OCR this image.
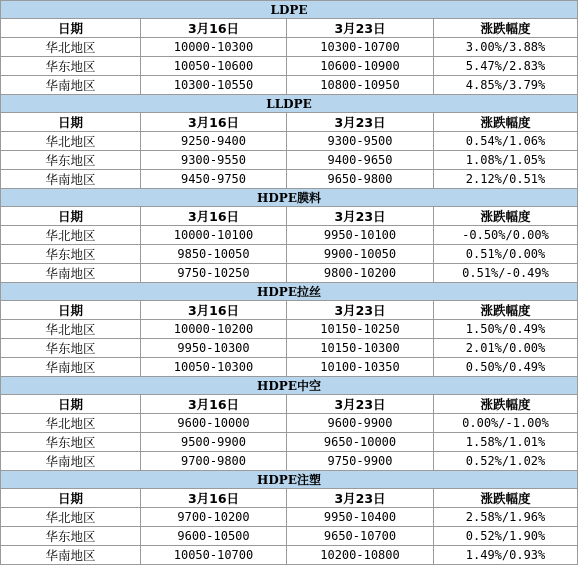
LDPE			
日期	3月16日	3月23日	涨跌幅度
华北地区	10000-10300	10300-10700	3.00%/3.88%
华东地区	10050-10600	10600-10900	5.47%/2.83%
华南地区	10300-10550	10800-10950	4.85%/3.79%
LLDPE			
日期	3月16日	3月23日	涨跌幅度
华北地区	9250-9400	9300-9500	0.54%/1.06%
华东地区	9300-9550	9400-9650	1.08%/1.05%
华南地区	9450-9750	9650-9800	2.12%/0.51%
HDPE膜料			
日期	3月16日	3月23日	涨跌幅度
华北地区	10000-10100	9950-10100	-0.50%/0.00%
华东地区	9850-10050	9900-10050	0.51%/0.00%
华南地区	9750-10250	9800-10200	0.51%/-0.49%
HDPE拉丝			
日期	3月16日	3月23日	涨跌幅度
华北地区	10000-10200	10150-10250	1.50%/0.49%
华东地区	9950-10300	10150-10300	2.01%/0.00%
华南地区	10050-10300	10100-10350	0.50%/0.49%
HDPE中空			
日期	3月16日	3月23日	涨跌幅度
华北地区	9600-10000	9600-9900	0.00%/-1.00%
华东地区	9500-9900	9650-10000	1.58%/1.01%
华南地区	9700-9800	9750-9900	0.52%/1.02%
HDPE注塑			
日期	3月16日	3月23日	涨跌幅度
华北地区	9700-10200	9950-10400	2.58%/1.96%
华东地区	9600-10500	9650-10700	0.52%/1.90%
华南地区	10050-10700	10200-10800	1.49%/0.93%
